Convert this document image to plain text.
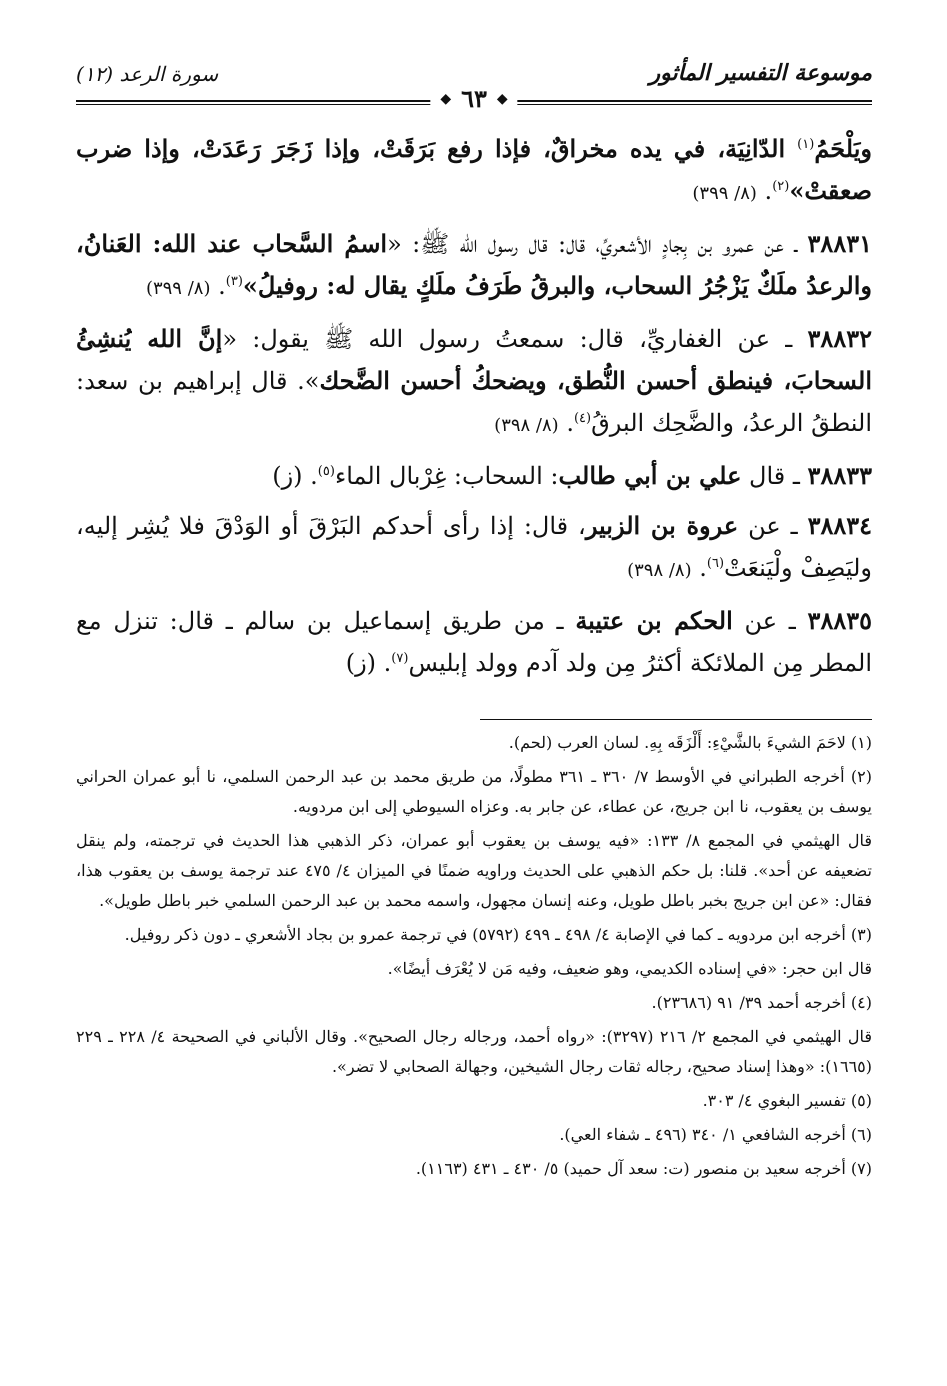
موسوعة التفسير المأثور
سورة الرعد (١٢)
◆ ٦٣ ◆

ويَلْحَمُ$^{(١)}$ الدّانِيَة، في يده مخراقٌ، فإذا رفع بَرَقَتْ، وإذا زَجَرَ رَعَدَتْ، وإذا ضرب صعقتْ»$^{(٢)}$. (٨/ ٣٩٩)

٣٨٨٣١ ـ عن عمرو بن بِجادٍ الأشعريِّ، قال: قال رسول الله ﷺ: «اسمُ السَّحاب عند الله: العَنانُ، والرعدُ ملَكٌ يَزْجُرُ السحاب، والبرقُ طَرَفُ ملَكٍ يقال له: روفيلُ»$^{(٣)}$. (٨/ ٣٩٩)

٣٨٨٣٢ ـ عن الغفاريِّ، قال: سمعتُ رسول الله ﷺ يقول: «إنَّ الله يُنشِئُ السحابَ، فينطق أحسن النُّطق، ويضحكُ أحسن الضَّحك». قال إبراهيم بن سعد: النطقُ الرعدُ، والضَّحِك البرقُ$^{(٤)}$. (٨/ ٣٩٨)

٣٨٨٣٣ ـ قال علي بن أبي طالب: السحاب: غِرْبال الماء$^{(٥)}$. (ز)

٣٨٨٣٤ ـ عن عروة بن الزبير، قال: إذا رأى أحدكم البَرْقَ أو الوَدْقَ فلا يُشِر إليه، وليَصِفْ ولْيَنعَتْ$^{(٦)}$. (٨/ ٣٩٨)

٣٨٨٣٥ ـ عن الحكم بن عتيبة ـ من طريق إسماعيل بن سالم ـ قال: تنزل مع المطر مِن الملائكة أكثرُ مِن ولد آدم وولد إبليس$^{(٧)}$. (ز)

(١) لاحَمَ الشيءَ بالشَّيْءِ: أَلْزَقَه بِهِ. لسان العرب (لحم).

(٢) أخرجه الطبراني في الأوسط ٧/ ٣٦٠ ـ ٣٦١ مطولًا، من طريق محمد بن عبد الرحمن السلمي، نا أبو عمران الحراني يوسف بن يعقوب، نا ابن جريج، عن عطاء، عن جابر به. وعزاه السيوطي إلى ابن مردويه.

قال الهيثمي في المجمع ٨/ ١٣٣: «فيه يوسف بن يعقوب أبو عمران، ذكر الذهبي هذا الحديث في ترجمته، ولم ينقل تضعيفه عن أحد». قلنا: بل حكم الذهبي على الحديث وراويه ضمنًا في الميزان ٤/ ٤٧٥ عند ترجمة يوسف بن يعقوب هذا، فقال: «عن ابن جريج بخبر باطل طويل، وعنه إنسان مجهول، واسمه محمد بن عبد الرحمن السلمي خبر باطل طويل».

(٣) أخرجه ابن مردويه ـ كما في الإصابة ٤/ ٤٩٨ ـ ٤٩٩ (٥٧٩٢) في ترجمة عمرو بن بجاد الأشعري ـ دون ذكر روفيل.

قال ابن حجر: «في إسناده الكديمي، وهو ضعيف، وفيه مَن لا يُعْرَف أيضًا».

(٤) أخرجه أحمد ٣٩/ ٩١ (٢٣٦٨٦).

قال الهيثمي في المجمع ٢/ ٢١٦ (٣٢٩٧): «رواه أحمد، ورجاله رجال الصحيح». وقال الألباني في الصحيحة ٤/ ٢٢٨ ـ ٢٢٩ (١٦٦٥): «وهذا إسناد صحيح، رجاله ثقات رجال الشيخين، وجهالة الصحابي لا تضر».

(٥) تفسير البغوي ٤/ ٣٠٣.

(٦) أخرجه الشافعي ١/ ٣٤٠ (٤٩٦ ـ شفاء العي).

(٧) أخرجه سعيد بن منصور (ت: سعد آل حميد) ٥/ ٤٣٠ ـ ٤٣١ (١١٦٣).
